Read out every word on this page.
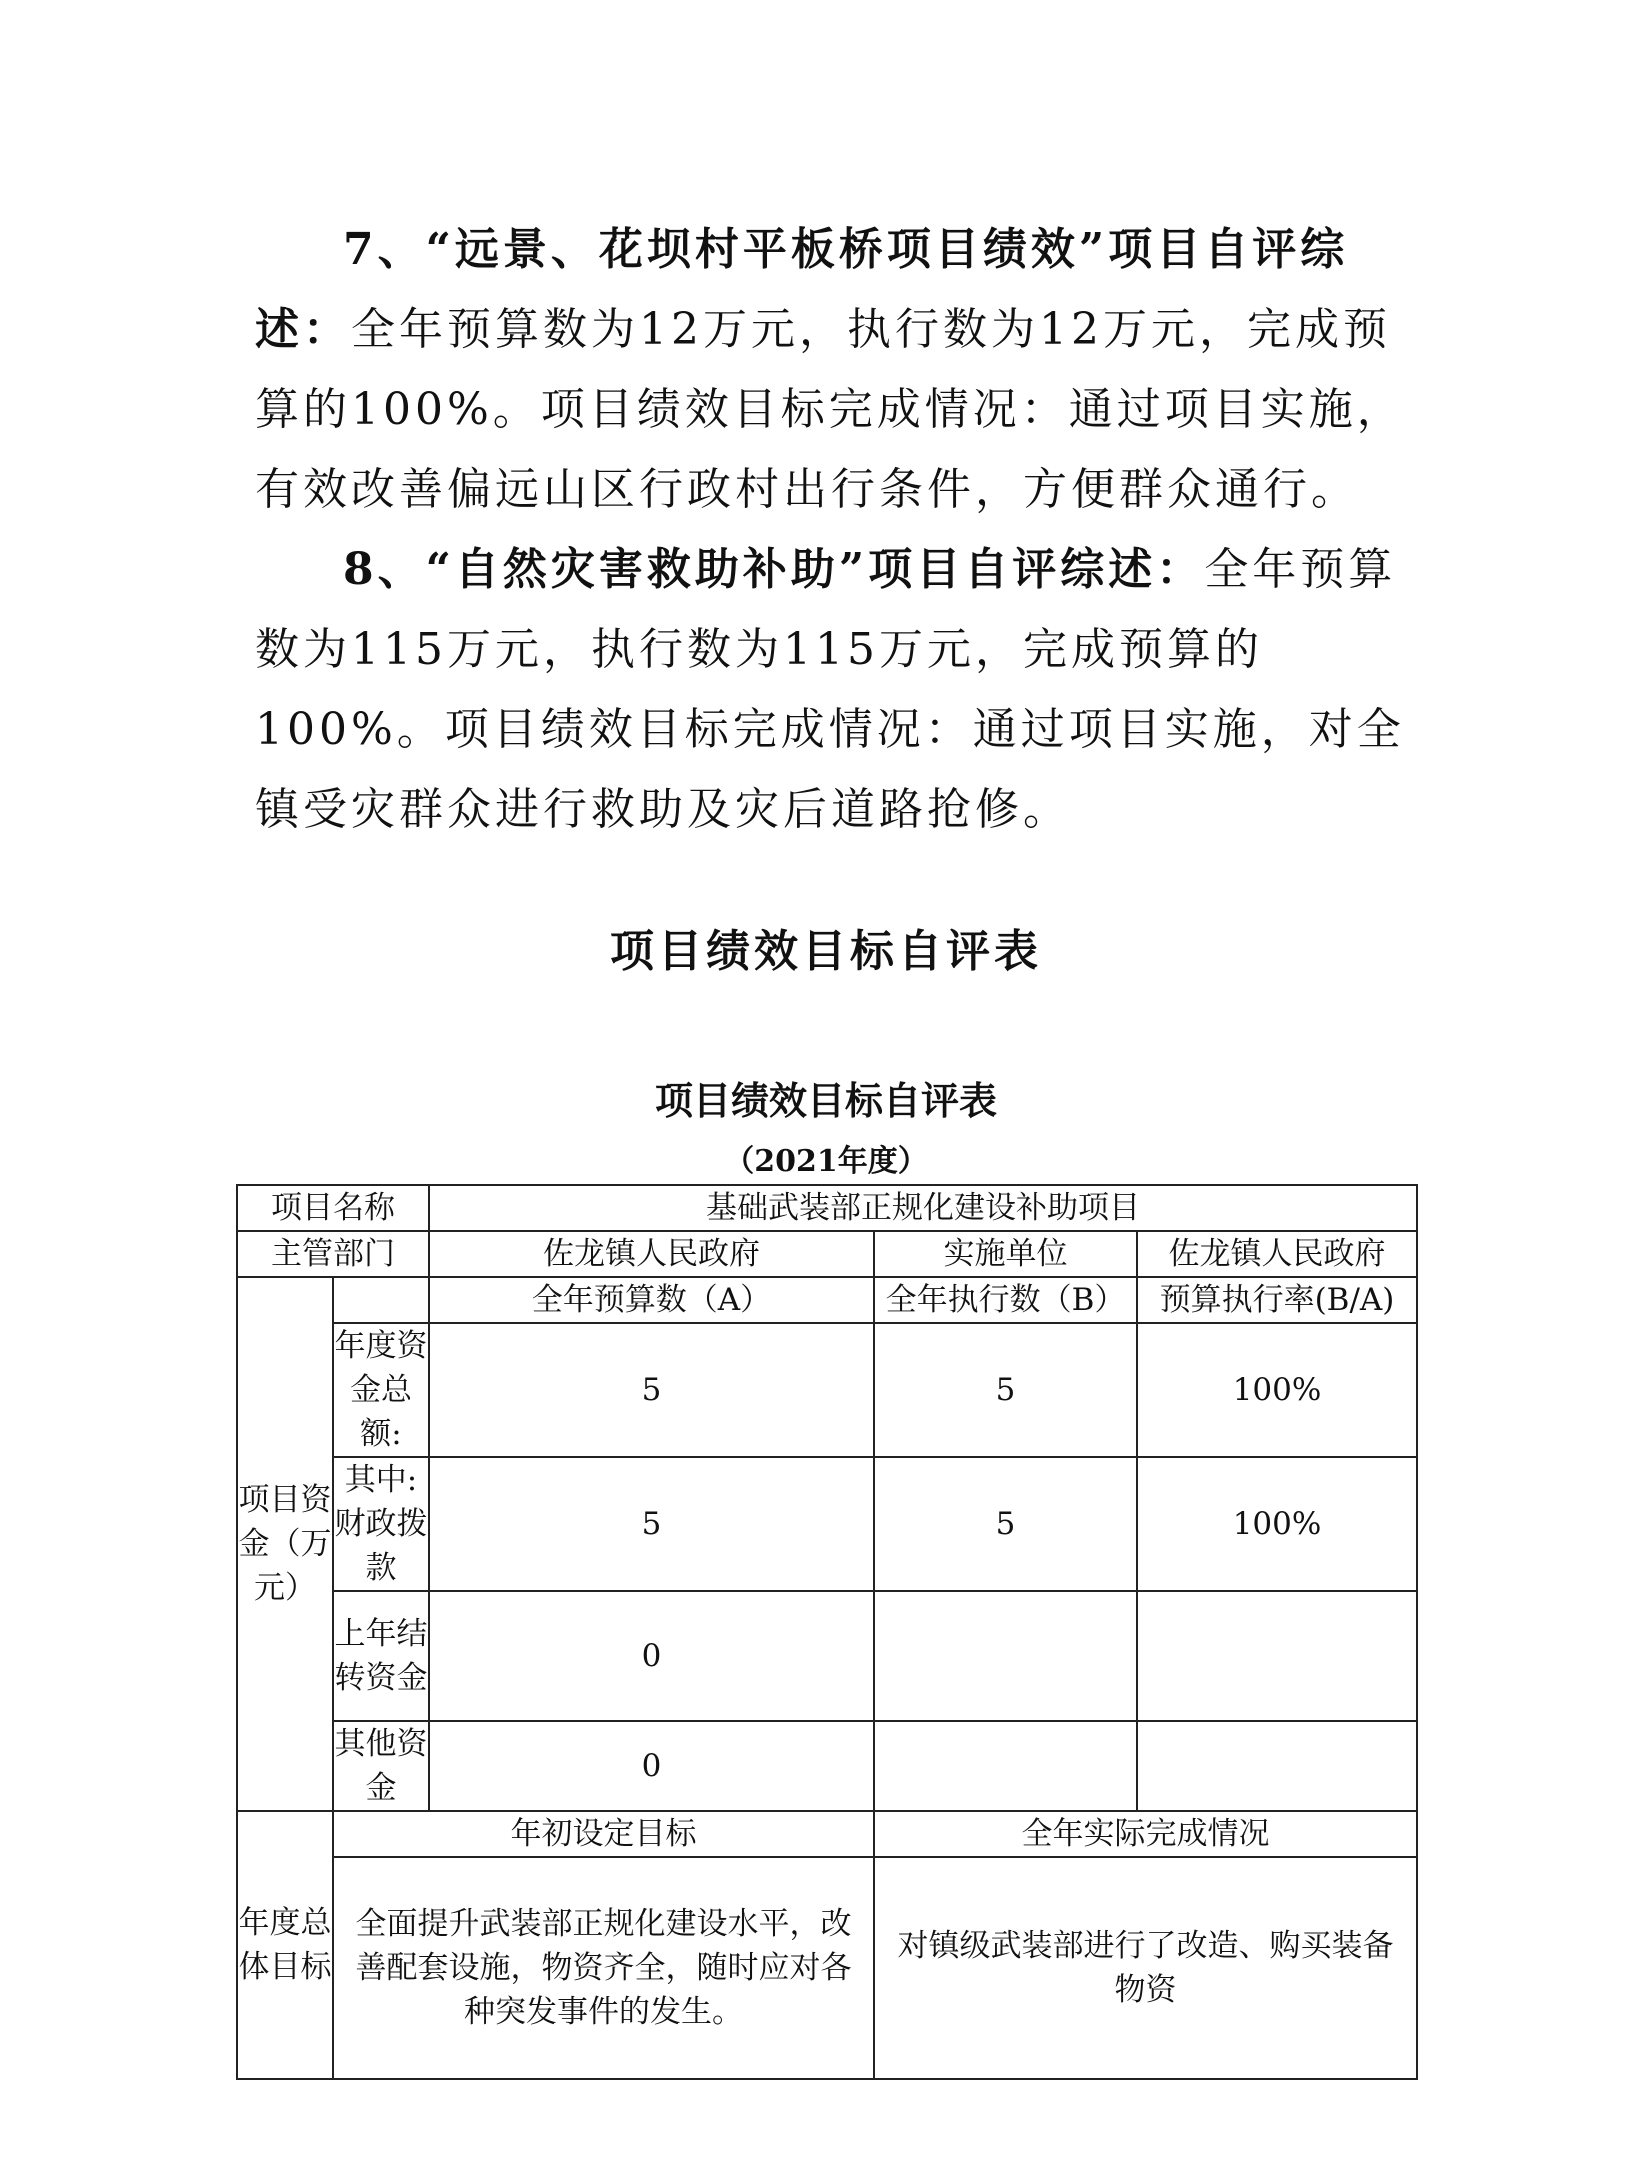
7、“远景、花坝村平板桥项目绩效”项目自评综述：全年预算数为12万元，执行数为12万元，完成预算的100%。项目绩效目标完成情况：通过项目实施，有效改善偏远山区行政村出行条件，方便群众通行。

8、“自然灾害救助补助”项目自评综述：全年预算数为115万元，执行数为115万元，完成预算的100%。项目绩效目标完成情况：通过项目实施，对全镇受灾群众进行救助及灾后道路抢修。

项目绩效目标自评表
项目绩效目标自评表
（2021年度）
项目名称		基础武装部正规化建设补助项目		
主管部门		佐龙镇人民政府	实施单位	佐龙镇人民政府
项目资金（万元）		全年预算数（A）	全年执行数（B）	预算执行率(B/A)
	年度资金总额:	5	5	100%
	其中:财政拨款	5	5	100%
	上年结转资金	0		
	其他资金	0		
年度总体目标	年初设定目标		全年实际完成情况	
	全面提升武装部正规化建设水平，改善配套设施，物资齐全，随时应对各种突发事件的发生。		对镇级武装部进行了改造、购买装备物资	
